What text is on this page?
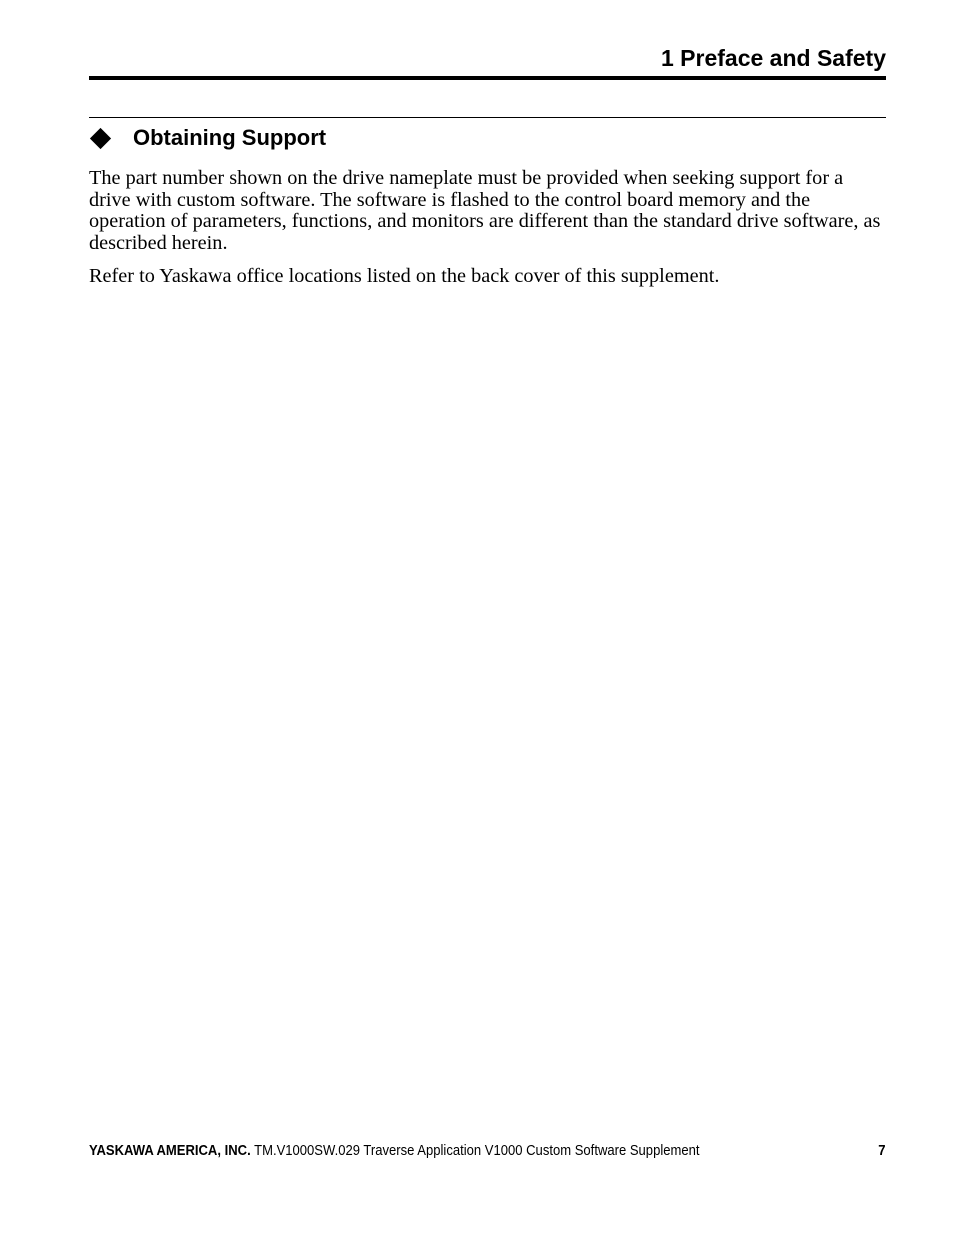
1 Preface and Safety
Obtaining Support

The part number shown on the drive nameplate must be provided when seeking support for a drive with custom software. The software is flashed to the control board memory and the operation of parameters, functions, and monitors are different than the standard drive software, as described herein.

Refer to Yaskawa office locations listed on the back cover of this supplement.

YASKAWA AMERICA, INC. TM.V1000SW.029 Traverse Application V1000 Custom Software Supplement	7
